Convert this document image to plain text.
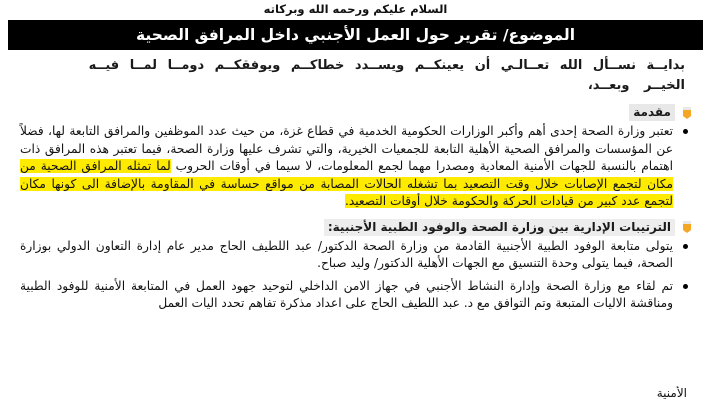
السلام عليكم ورحمه الله وبركاته
الموضوع/ تقرير حول العمل الأجنبي داخل المرافق الصحية
بدايــة نســأل الله تعــالـي أن يعينكــم ويســدد خطاكــم ويوفقكــم دومــا لمــا فيــه
الخيــر وبعــد،
مقدمة
تعتبر وزارة الصحة إحدى أهم وأكبر الوزارات الحكومية الخدمية في قطاع غزة، من حيث عدد الموظفين والمرافق التابعة لها، فضلاً عن المؤسسات والمرافق الصحية الأهلية التابعة للجمعيات الخيرية، والتي تشرف عليها وزارة الصحة، فيما تعتبر هذه المرافق ذات اهتمام بالنسبة للجهات الأمنية المعادية ومصدرا مهما لجمع المعلومات، لا سيما في أوقات الحروب لما تمثله المرافق الصحية من مكان لتجمع الإصابات خلال وقت التصعيد بما تشغله الحالات المصابة من مواقع حساسة في المقاومة بالإضافة الى كونها مكان لتجمع عدد كبير من قيادات الحركة والحكومة خلال أوقات التصعيد.
الترتيبات الإدارية بين وزارة الصحة والوفود الطبية الأجنبية:
يتولى متابعة الوفود الطبية الأجنبية القادمة من وزارة الصحة الدكتور/ عبد اللطيف الحاج مدير عام إدارة التعاون الدولي بوزارة الصحة، فيما يتولى وحدة التنسيق مع الجهات الأهلية الدكتور/ وليد صباح.
تم لقاء مع وزارة الصحة وإدارة النشاط الأجنبي في جهاز الامن الداخلي لتوحيد جهود العمل في المتابعة الأمنية للوفود الطبية ومناقشة الاليات المتبعة وتم التوافق مع د. عبد اللطيف الحاج على اعداد مذكرة تفاهم تحدد اليات العمل
الأمنية
